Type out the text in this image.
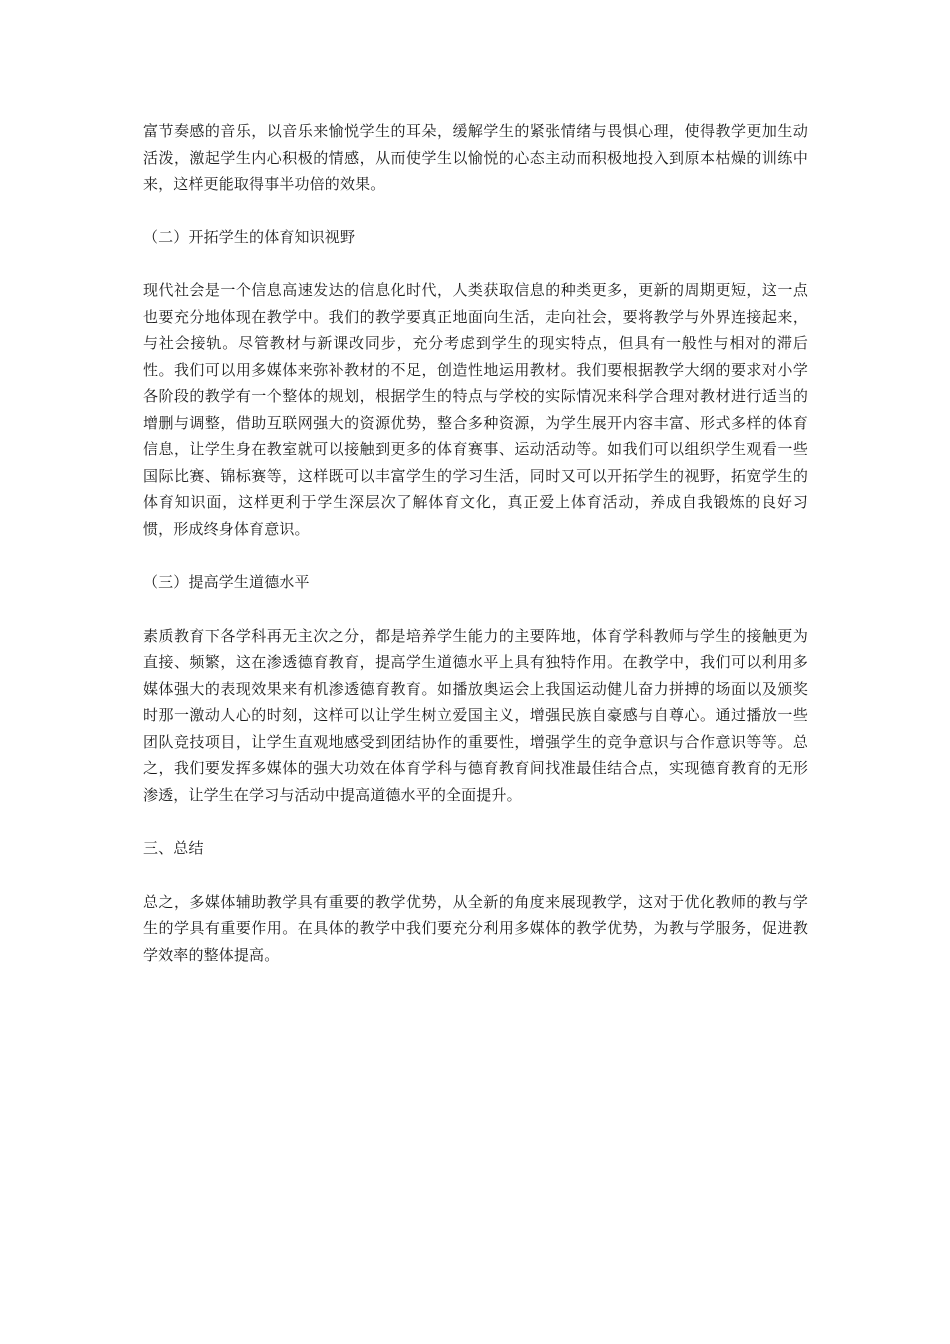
富节奏感的音乐，以音乐来愉悦学生的耳朵，缓解学生的紧张情绪与畏惧心理，使得教学更加生动活泼，激起学生内心积极的情感，从而使学生以愉悦的心态主动而积极地投入到原本枯燥的训练中来，这样更能取得事半功倍的效果。

（二）开拓学生的体育知识视野

现代社会是一个信息高速发达的信息化时代，人类获取信息的种类更多，更新的周期更短，这一点也要充分地体现在教学中。我们的教学要真正地面向生活，走向社会，要将教学与外界连接起来，与社会接轨。尽管教材与新课改同步，充分考虑到学生的现实特点，但具有一般性与相对的滞后性。我们可以用多媒体来弥补教材的不足，创造性地运用教材。我们要根据教学大纲的要求对小学各阶段的教学有一个整体的规划，根据学生的特点与学校的实际情况来科学合理对教材进行适当的增删与调整，借助互联网强大的资源优势，整合多种资源，为学生展开内容丰富、形式多样的体育信息，让学生身在教室就可以接触到更多的体育赛事、运动活动等。如我们可以组织学生观看一些国际比赛、锦标赛等，这样既可以丰富学生的学习生活，同时又可以开拓学生的视野，拓宽学生的体育知识面，这样更利于学生深层次了解体育文化，真正爱上体育活动，养成自我锻炼的良好习惯，形成终身体育意识。

（三）提高学生道德水平

素质教育下各学科再无主次之分，都是培养学生能力的主要阵地，体育学科教师与学生的接触更为直接、频繁，这在渗透德育教育，提高学生道德水平上具有独特作用。在教学中，我们可以利用多媒体强大的表现效果来有机渗透德育教育。如播放奥运会上我国运动健儿奋力拼搏的场面以及颁奖时那一激动人心的时刻，这样可以让学生树立爱国主义，增强民族自豪感与自尊心。通过播放一些团队竞技项目，让学生直观地感受到团结协作的重要性，增强学生的竞争意识与合作意识等等。总之，我们要发挥多媒体的强大功效在体育学科与德育教育间找准最佳结合点，实现德育教育的无形渗透，让学生在学习与活动中提高道德水平的全面提升。

三、总结

总之，多媒体辅助教学具有重要的教学优势，从全新的角度来展现教学，这对于优化教师的教与学生的学具有重要作用。在具体的教学中我们要充分利用多媒体的教学优势，为教与学服务，促进教学效率的整体提高。
